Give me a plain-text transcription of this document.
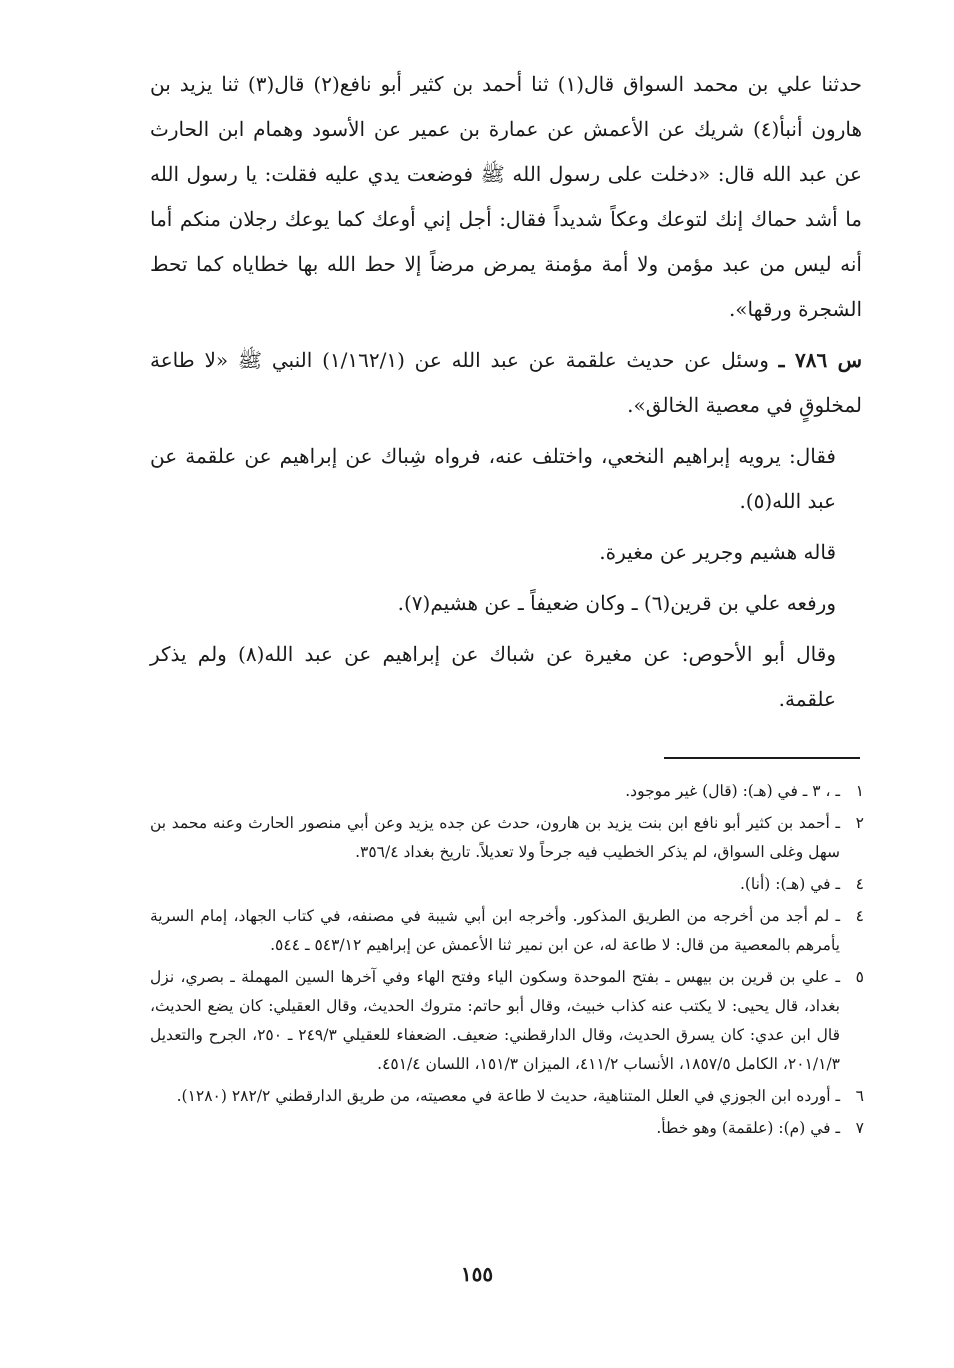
حدثنا علي بن محمد السواق قال(١) ثنا أحمد بن كثير أبو نافع(٢) قال(٣) ثنا يزيد بن هارون أنبأ(٤) شريك عن الأعمش عن عمارة بن عمير عن الأسود وهمام ابن الحارث عن عبد الله قال: «دخلت على رسول الله ﷺ فوضعت يدي عليه فقلت: يا رسول الله ما أشد حماك إنك لتوعك وعكاً شديداً فقال: أجل إني أوعك كما يوعك رجلان منكم أما أنه ليس من عبد مؤمن ولا أمة مؤمنة يمرض مرضاً إلا حط الله بها خطاياه كما تحط الشجرة ورقها».

س ٧٨٦ ـ وسئل عن حديث علقمة عن عبد الله عن (١/١٦٢/١) النبي ﷺ «لا طاعة لمخلوقٍ في معصية الخالق».

فقال: يرويه إبراهيم النخعي، واختلف عنه، فرواه شِباك عن إبراهيم عن علقمة عن عبد الله(٥).

قاله هشيم وجرير عن مغيرة.

ورفعه علي بن قرين(٦) ـ وكان ضعيفاً ـ عن هشيم(٧).

وقال أبو الأحوص: عن مغيرة عن شباك عن إبراهيم عن عبد الله(٨) ولم يذكر علقمة.

١
ـ ، ٣ ـ في (هـ): (قال) غير موجود.

٢
ـ أحمد بن كثير أبو نافع ابن بنت يزيد بن هارون، حدث عن جده يزيد وعن أبي منصور الحارث وعنه محمد بن سهل وغلى السواق، لم يذكر الخطيب فيه جرحاً ولا تعديلاً. تاريخ بغداد ٣٥٦/٤.

٤
ـ في (هـ): (أنا).

٤
ـ لم أجد من أخرجه من الطريق المذكور. وأخرجه ابن أبي شيبة في مصنفه، في كتاب الجهاد، إمام السرية يأمرهم بالمعصية من قال: لا طاعة له، عن ابن نمير ثنا الأعمش عن إبراهيم ٥٤٣/١٢ ـ ٥٤٤.

٥
ـ علي بن قرين بن بيهس ـ بفتح الموحدة وسكون الياء وفتح الهاء وفي آخرها السين المهملة ـ بصري، نزل بغداد، قال يحيى: لا يكتب عنه كذاب خبيث، وقال أبو حاتم: متروك الحديث، وقال العقيلي: كان يضع الحديث، قال ابن عدي: كان يسرق الحديث، وقال الدارقطني: ضعيف. الضعفاء للعقيلي ٢٤٩/٣ ـ ٢٥٠، الجرح والتعديل ٢٠١/١/٣، الكامل ١٨٥٧/٥، الأنساب ٤١١/٢، الميزان ١٥١/٣، اللسان ٤٥١/٤.

٦
ـ أورده ابن الجوزي في العلل المتناهية، حديث لا طاعة في معصيته، من طريق الدارقطني ٢٨٢/٢ (١٢٨٠).

٧
ـ في (م): (علقمة) وهو خطأ.

١٥٥
